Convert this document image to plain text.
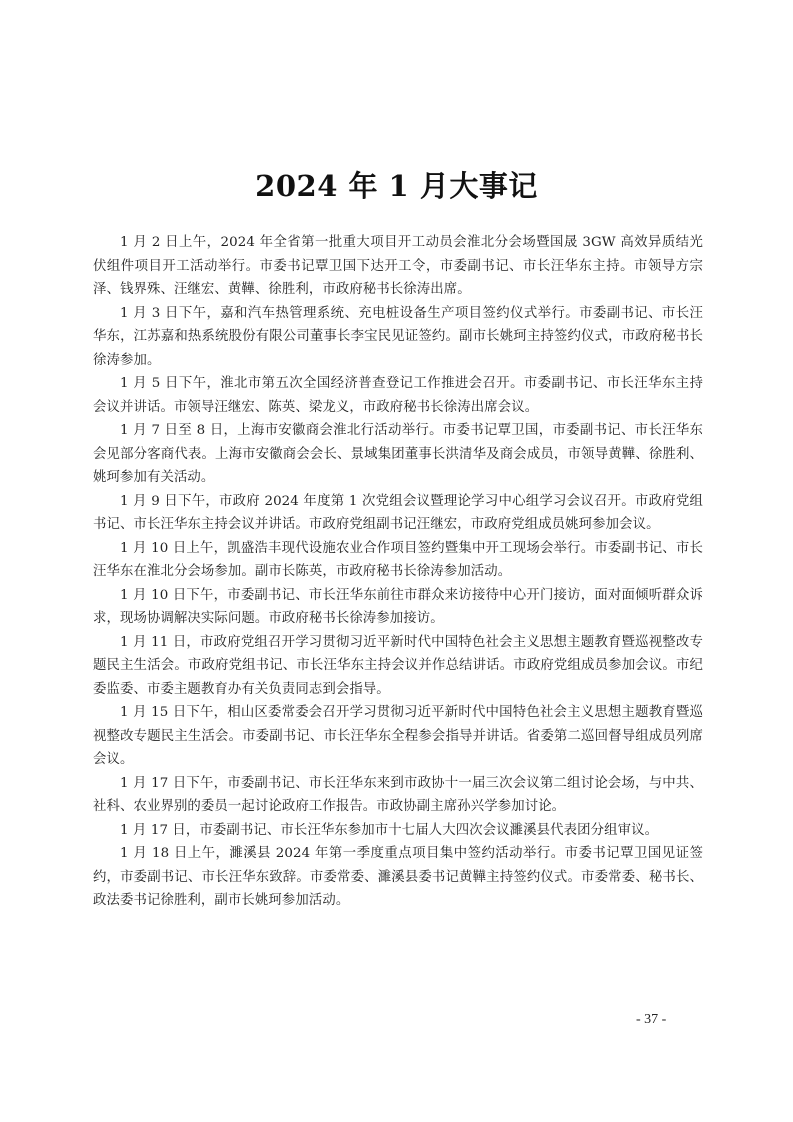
2024 年 1 月大事记

1 月 2 日上午，2024 年全省第一批重大项目开工动员会淮北分会场暨国晟 3GW 高效异质结光伏组件项目开工活动举行。市委书记覃卫国下达开工令，市委副书记、市长汪华东主持。市领导方宗泽、钱界殊、汪继宏、黄鞾、徐胜利，市政府秘书长徐涛出席。

1 月 3 日下午，嘉和汽车热管理系统、充电桩设备生产项目签约仪式举行。市委副书记、市长汪华东，江苏嘉和热系统股份有限公司董事长李宝民见证签约。副市长姚珂主持签约仪式，市政府秘书长徐涛参加。

1 月 5 日下午，淮北市第五次全国经济普查登记工作推进会召开。市委副书记、市长汪华东主持会议并讲话。市领导汪继宏、陈英、梁龙义，市政府秘书长徐涛出席会议。

1 月 7 日至 8 日，上海市安徽商会淮北行活动举行。市委书记覃卫国，市委副书记、市长汪华东会见部分客商代表。上海市安徽商会会长、景域集团董事长洪清华及商会成员，市领导黄鞾、徐胜利、姚珂参加有关活动。

1 月 9 日下午，市政府 2024 年度第 1 次党组会议暨理论学习中心组学习会议召开。市政府党组书记、市长汪华东主持会议并讲话。市政府党组副书记汪继宏，市政府党组成员姚珂参加会议。

1 月 10 日上午，凯盛浩丰现代设施农业合作项目签约暨集中开工现场会举行。市委副书记、市长汪华东在淮北分会场参加。副市长陈英，市政府秘书长徐涛参加活动。

1 月 10 日下午，市委副书记、市长汪华东前往市群众来访接待中心开门接访，面对面倾听群众诉求，现场协调解决实际问题。市政府秘书长徐涛参加接访。

1 月 11 日，市政府党组召开学习贯彻习近平新时代中国特色社会主义思想主题教育暨巡视整改专题民主生活会。市政府党组书记、市长汪华东主持会议并作总结讲话。市政府党组成员参加会议。市纪委监委、市委主题教育办有关负责同志到会指导。

1 月 15 日下午，相山区委常委会召开学习贯彻习近平新时代中国特色社会主义思想主题教育暨巡视整改专题民主生活会。市委副书记、市长汪华东全程参会指导并讲话。省委第二巡回督导组成员列席会议。

1 月 17 日下午，市委副书记、市长汪华东来到市政协十一届三次会议第二组讨论会场，与中共、社科、农业界别的委员一起讨论政府工作报告。市政协副主席孙兴学参加讨论。

1 月 17 日，市委副书记、市长汪华东参加市十七届人大四次会议濉溪县代表团分组审议。

1 月 18 日上午，濉溪县 2024 年第一季度重点项目集中签约活动举行。市委书记覃卫国见证签约，市委副书记、市长汪华东致辞。市委常委、濉溪县委书记黄鞾主持签约仪式。市委常委、秘书长、政法委书记徐胜利，副市长姚珂参加活动。

- 37 -
